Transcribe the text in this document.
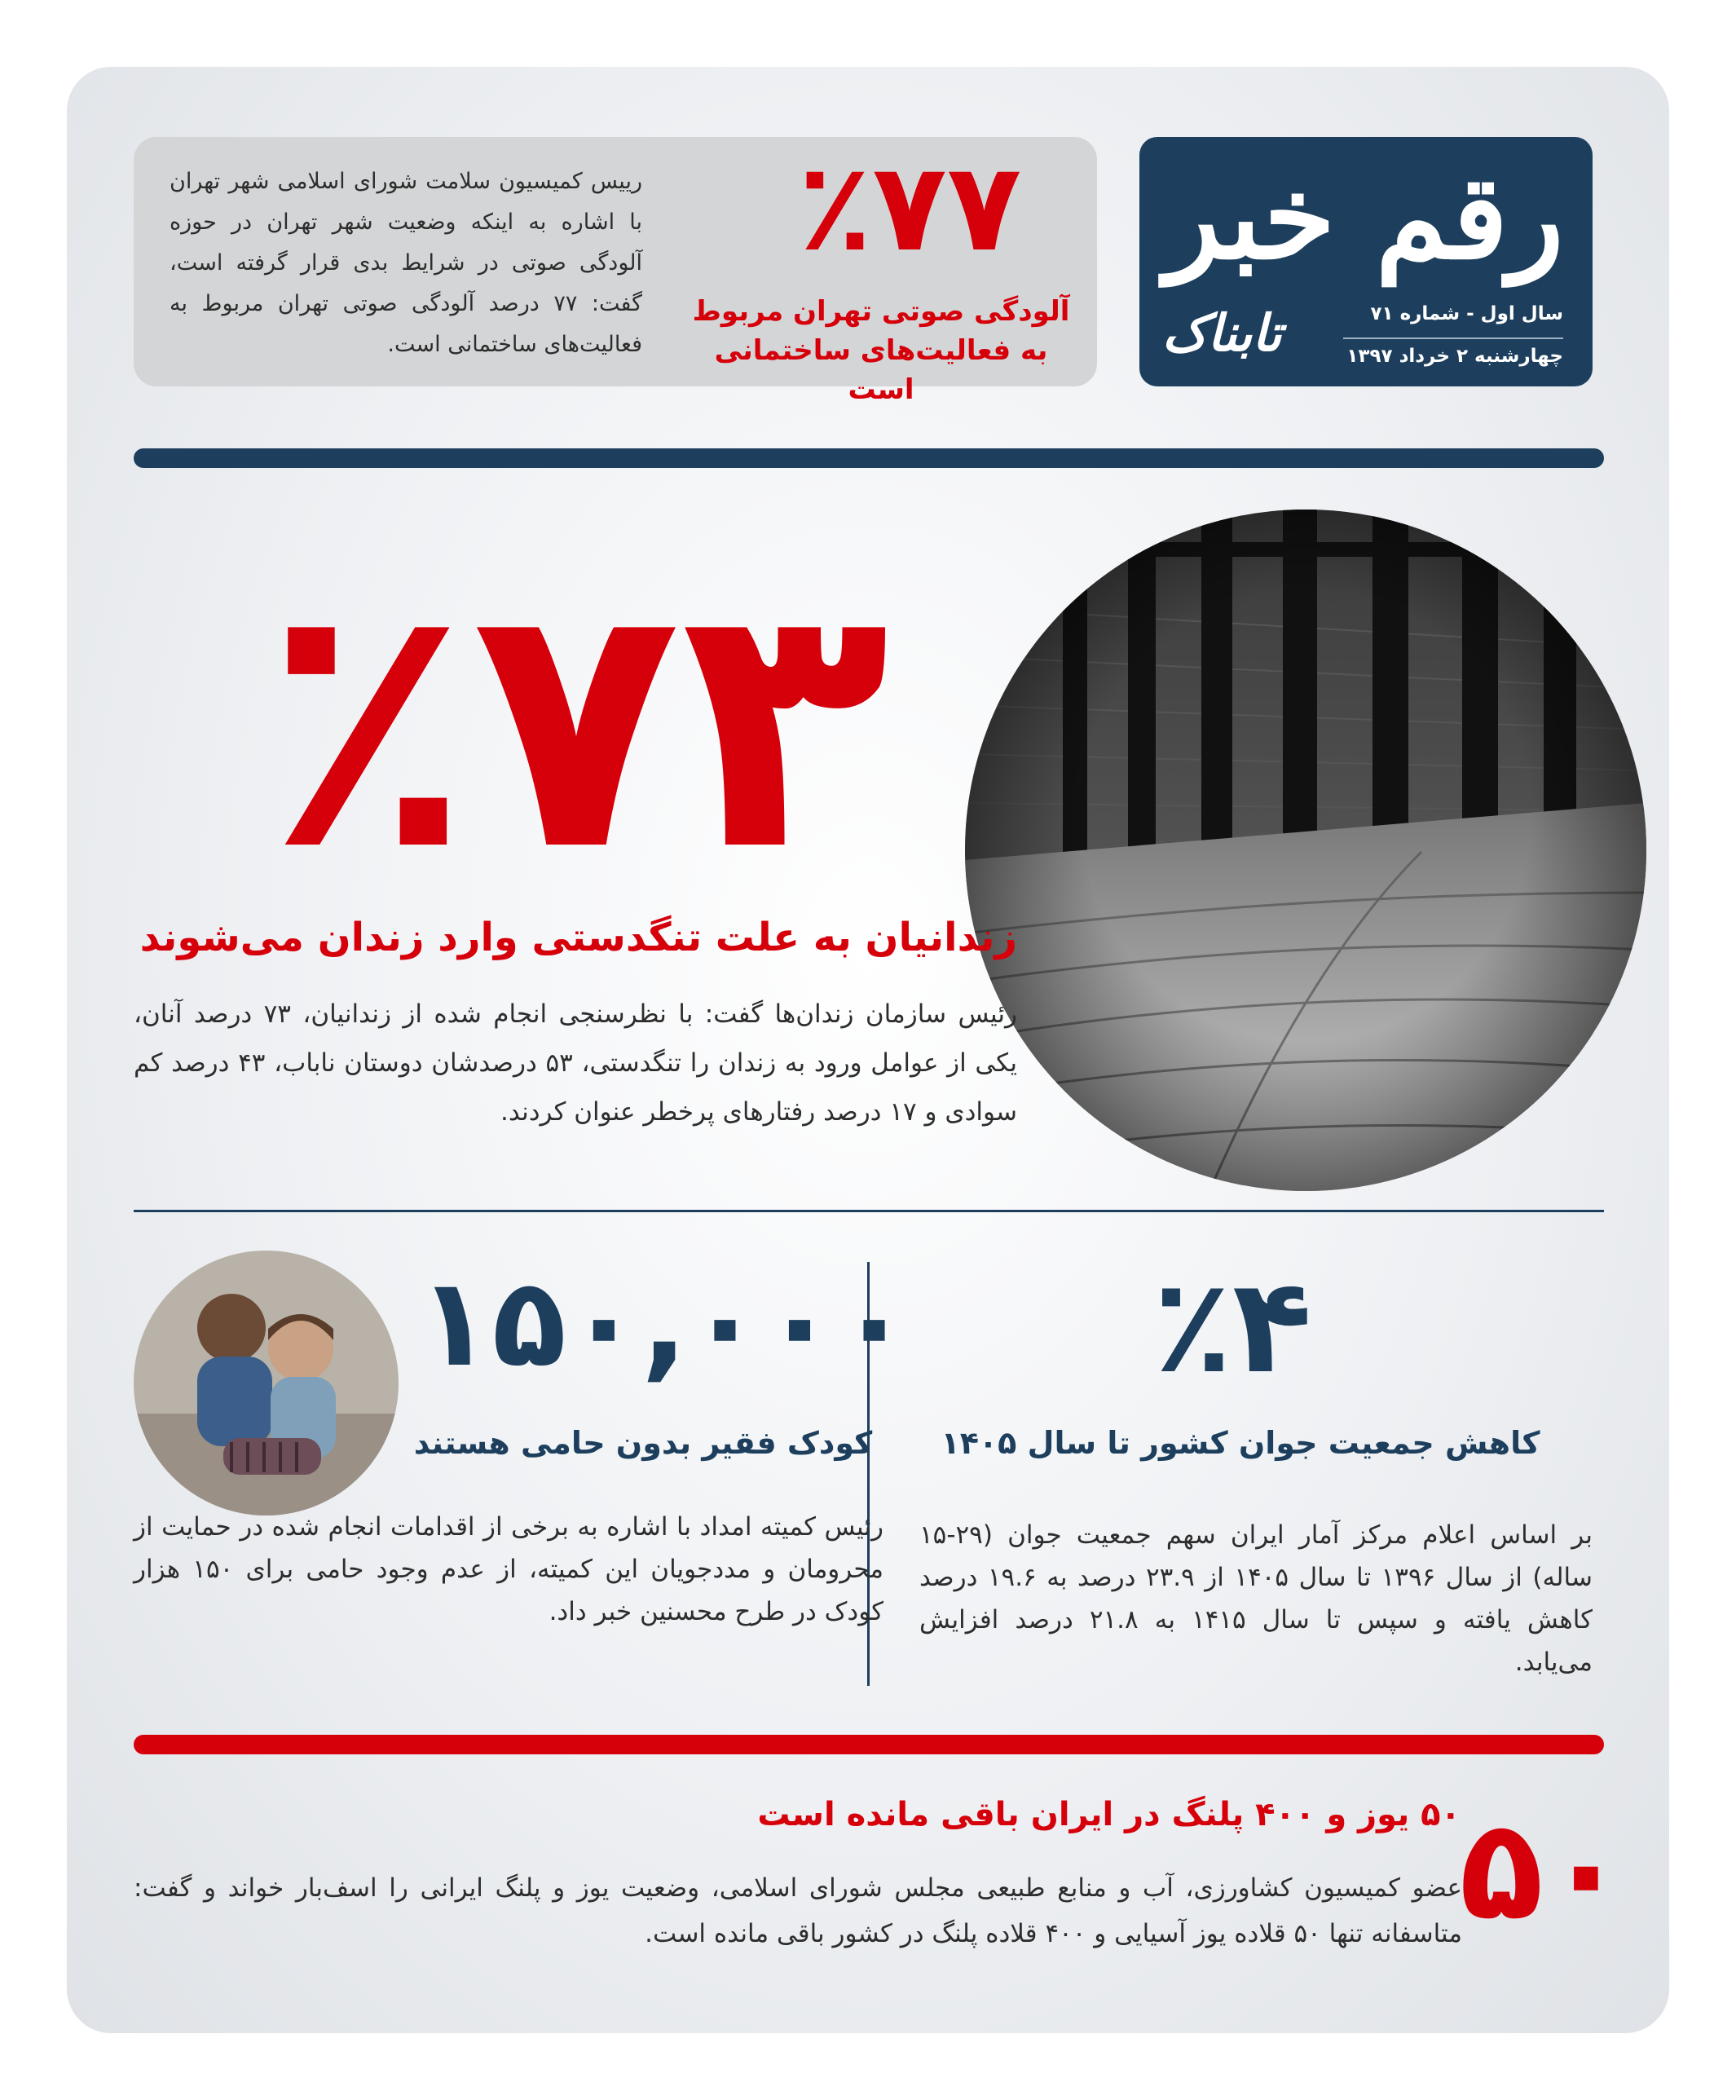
رقم خبر
سال اول - شماره ۷۱
چهارشنبه ۲ خرداد ۱۳۹۷
تابناک
٪۷۷
آلودگی صوتی تهران مربوط به فعالیت‌های ساختمانی است
رییس کمیسیون سلامت شورای اسلامی شهر تهران با اشاره به اینکه وضعیت شهر تهران در حوزه آلودگی صوتی در شرایط بدی قرار گرفته است، گفت: ۷۷ درصد آلودگی صوتی تهران مربوط به فعالیت‌های ساختمانی است.
٪۷۳
زندانیان به علت تنگدستی وارد زندان می‌شوند
رئیس سازمان زندان‌ها گفت: با نظرسنجی انجام شده از زندانیان، ۷۳ درصد آنان، یکی از عوامل ورود به زندان را تنگدستی، ۵۳ درصدشان دوستان ناباب، ۴۳ درصد کم سوادی و ۱۷ درصد رفتارهای پرخطر عنوان کردند.
۱۵۰,۰۰۰
کودک فقیر بدون حامی هستند
رئیس کمیته امداد با اشاره به برخی از اقدامات انجام شده در حمایت از محرومان و مددجویان این کمیته، از عدم وجود حامی برای ۱۵۰ هزار کودک در طرح محسنین خبر داد.
٪۴
کاهش جمعیت جوان کشور تا سال ۱۴۰۵
بر اساس اعلام مرکز آمار ایران سهم جمعیت جوان (۲۹-۱۵ ساله) از سال ۱۳۹۶ تا سال ۱۴۰۵ از ۲۳.۹ درصد به ۱۹.۶ درصد کاهش یافته و سپس تا سال ۱۴۱۵ به ۲۱.۸ درصد افزایش می‌یابد.
۵۰
۵۰ یوز و ۴۰۰ پلنگ در ایران باقی مانده است
عضو کمیسیون کشاورزی، آب و منابع طبیعی مجلس شورای اسلامی، وضعیت یوز و پلنگ ایرانی را اسف‌بار خواند و گفت: متاسفانه تنها ۵۰ قلاده یوز آسیایی و ۴۰۰ قلاده پلنگ در کشور باقی مانده است.
